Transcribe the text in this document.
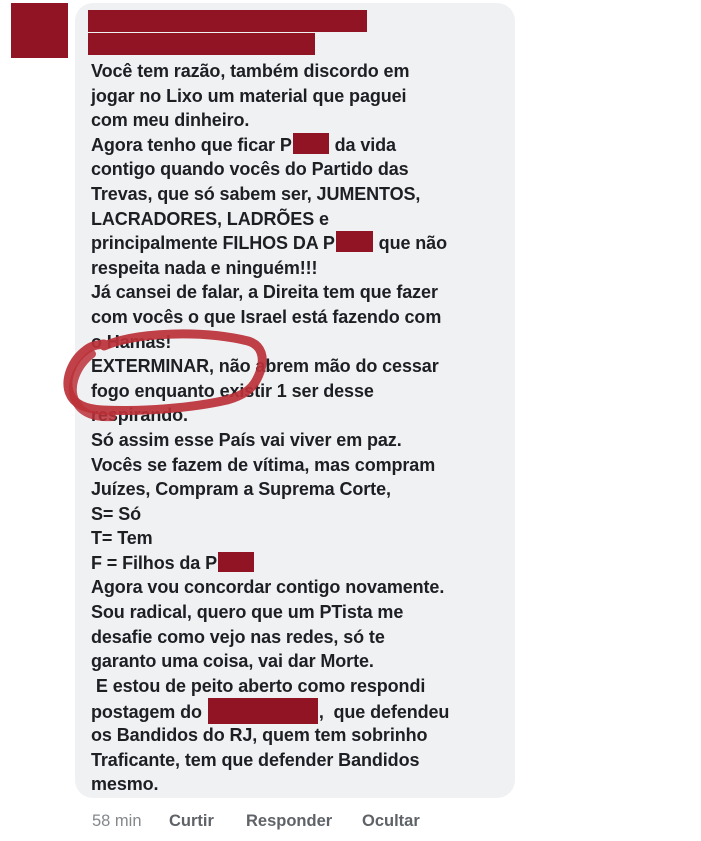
Você tem razão, também discordo em
jogar no Lixo um material que paguei
com meu dinheiro.
Agora tenho que ficar P da vida
contigo quando vocês do Partido das
Trevas, que só sabem ser, JUMENTOS,
LACRADORES, LADRÕES e
principalmente FILHOS DA P que não
respeita nada e ninguém!!!
Já cansei de falar, a Direita tem que fazer
com vocês o que Israel está fazendo com
o Hamas!
EXTERMINAR, não abrem mão do cessar
fogo enquanto existir 1 ser desse
respirando.
Só assim esse País vai viver em paz.
Vocês se fazem de vítima, mas compram
Juízes, Compram a Suprema Corte,
S= Só
T= Tem
F = Filhos da P
Agora vou concordar contigo novamente.
Sou radical, quero que um PTista me
desafie como vejo nas redes, só te
garanto uma coisa, vai dar Morte.
E estou de peito aberto como respondi
postagem do	,  que defendeu
os Bandidos do RJ, quem tem sobrinho
Traficante, tem que defender Bandidos
mesmo.
58 min Curtir Responder Ocultar
